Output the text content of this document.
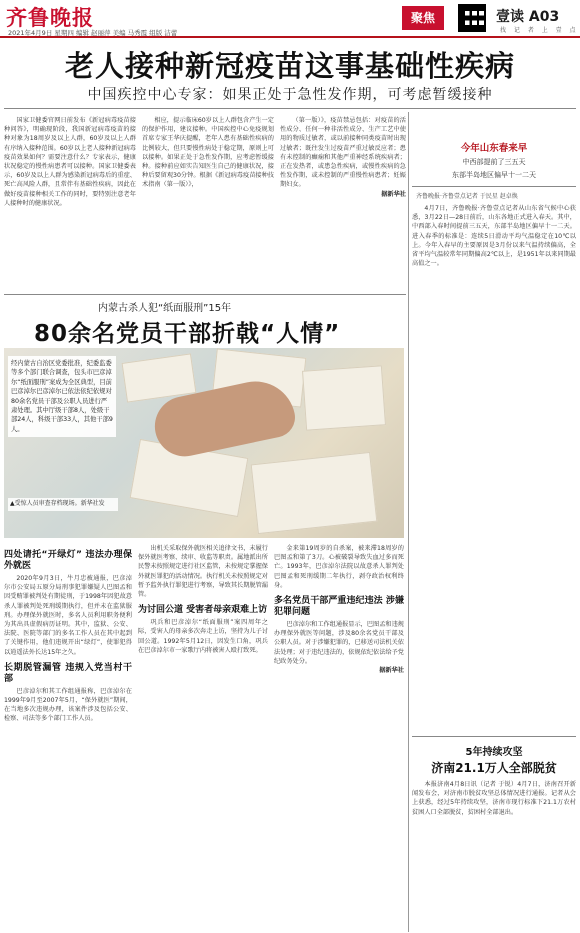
齐鲁晚报
2021年4月9日 星期四 编辑 赵丽萍 美编 马秀霞 组版 洁蕾
聚焦	壹读 A03
找 记 者 上 壹 点
老人接种新冠疫苗这事基础性疾病
中国疾控中心专家：如果正处于急性发作期，可考虑暂缓接种

国家卫健委官网日前发布《新冠病毒疫苗接种问答》，明确现阶段，我国新冠病毒疫苗的接种对象为18周岁及以上人群，60岁及以上人群有序纳入接种范围。60岁以上老人接种新冠病毒疫苗效果如何？需要注意什么？专家表示，健康状况稳定的慢性病患者可以接种。国家卫健委表示，60岁及以上人群为感染新冠病毒后的重症、死亡高风险人群，且常伴有基础性疾病，因此在做好疫苗接种相关工作的同时，要特别注意老年人接种时的健康状况。

相应，提示临床60岁以上人群包含产生一定的保护作用，建议接种。中国疾控中心免疫规划首席专家王华庆提醒，老年人患有基础性疾病的比例较大，但只要慢性病处于稳定期，原则上可以接种。如果正处于急性发作期，应考虑暂缓接种。接种前应如实告知医生自己的健康状况，接种后要留观30分钟。根据《新冠病毒疫苗接种技术指南（第一版）》，

（第一版）》，疫苗禁忌包括：对疫苗的活性成分、任何一种非活性成分、生产工艺中使用的物质过敏者，或以前接种同类疫苗时出现过敏者；既往发生过疫苗严重过敏反应者；患有未控制的癫痫和其他严重神经系统疾病者；正在发热者，或患急性疾病，或慢性疾病的急性发作期，或未控制的严重慢性病患者；妊娠期妇女。

据新华社
今年山东春来早
中西部提前了三五天
东部半岛地区偏早十一二天
齐鲁晚报·齐鲁壹点记者 于民星 赵卓焕

4月7日，齐鲁晚报·齐鲁壹点记者从山东省气候中心获悉，3月22日—28日前后，山东各地正式进入春天。其中，中西部入春时间提前三五天，东部半岛地区偏早十一二天。进入春季的标准是：连续5日滑动平均气温稳定在10℃以上。今年入春早的主要原因是3月份以来气温持续偏高，全省平均气温较常年同期偏高2℃以上，是1951年以来同期最高值之一。

内蒙古杀人犯“纸面服刑”15年
80余名党员干部折戟“人情”
经内蒙古自治区党委批准，纪委监委等多个部门联合调查，包头市巴彦淖尔“纸面服刑”案成为全区典型，目前巴彦淖尔巴彦淖尔已依法依纪依规对80余名党员干部及公职人员进行严肃处理。其中厅级干部8人，处级干部24人，科级干部33人，其他干部9人。
▲受惊人员审查存档现场。新华社发
四处请托“开绿灯” 违法办理保外就医

2020年9月3日，牛月忠被通报，巴彦淖尔市公安局五原分局刑事犯罪嫌疑人巴图孟和因受贿罪被判处有期徒刑，于1998年因犯故意杀人罪被判处死刑缓期执行，但并未在监狱服刑。办理保外就医时，多名人员利用职务便利为其出具虚假病历证明。其中，监狱、公安、法院、医院等部门的多名工作人员在其中起到了关键作用，他们违规开出“绿灯”，使罪犯得以逍遥法外长达15年之久。

长期脱管漏管 违规入党当村干部

巴彦淖尔和其工作组通报称，巴彦淖尔在1999年9月至2007年5月，“保外就医”期间，在当地多次违规办理，该案件涉及包括公安、检察、司法等多个部门工作人员。

出机关采取保外就医相关追律文书，未履行保外就医考察、续审、收监等职责。属地派出所民警未按照规定进行社区监管，未按规定掌握保外就医罪犯的活动情况。执行机关未按照规定对暂予监外执行罪犯进行考察，导致其长期脱管漏管。

为讨回公道 受害者母亲艰难上访

巩兵和巴彦淖尔“纸面服刑”案四周年之际，受害人的母亲多次奔走上访，坚持为儿子讨回公道。1992年5月12日，因发生口角，巩兵在巴彦淖尔市一家歌厅内将被害人殴打致死。

金来第19周岁的自杀案，被来滞18周岁的巴图孟和第了3刀。心被破裂导致失血过多而死亡。1993年，巴彦淖尔法院以故意杀人罪判处巴图孟和死刑缓期二年执行，剥夺政治权利终身。

多名党员干部严重违纪违法 涉嫌犯罪问题

巴彦淖尔和工作组通报显示，巴图孟和违规办理保外就医等问题，涉及80余名党员干部及公职人员。对于涉嫌犯罪的，已移送司法机关依法处理；对于违纪违法的，依规依纪依法给予党纪政务处分。

据新华社
5年持续攻坚
济南21.1万人全部脱贫

本报济南4月8日讯（记者 于锐）4月7日，济南召开新闻发布会，对济南市脱贫攻坚总体情况进行通报。记者从会上获悉，经过5年持续攻坚，济南市现行标准下21.1万农村贫困人口全部脱贫，贫困村全部退出。
